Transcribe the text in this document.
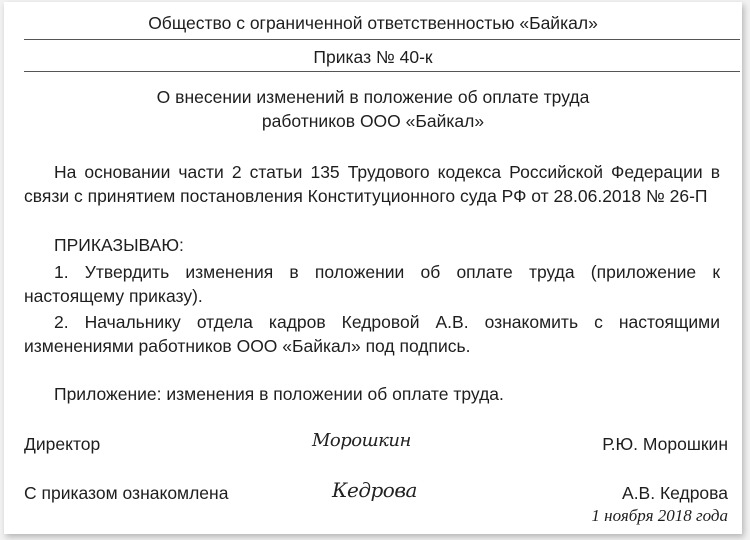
Общество с ограниченной ответственностью «Байкал»
Приказ № 40-к
О внесении изменений в положение об оплате труда
работников ООО «Байкал»
На основании части 2 статьи 135 Трудового кодекса Российской Федерации в связи с принятием постановления Конституционного суда РФ от 28.06.2018 № 26-П
ПРИКАЗЫВАЮ:
1. Утвердить изменения в положении об оплате труда (приложение к настоящему приказу).
2. Начальнику отдела кадров Кедровой А.В. ознакомить с настоящими изменениями работников ООО «Байкал» под подпись.
Приложение: изменения в положении об оплате труда.
Директор	Морошкин	Р.Ю. Морошкин
С приказом ознакомлена	Кедрова	А.В. Кедрова
1 ноября 2018 года
